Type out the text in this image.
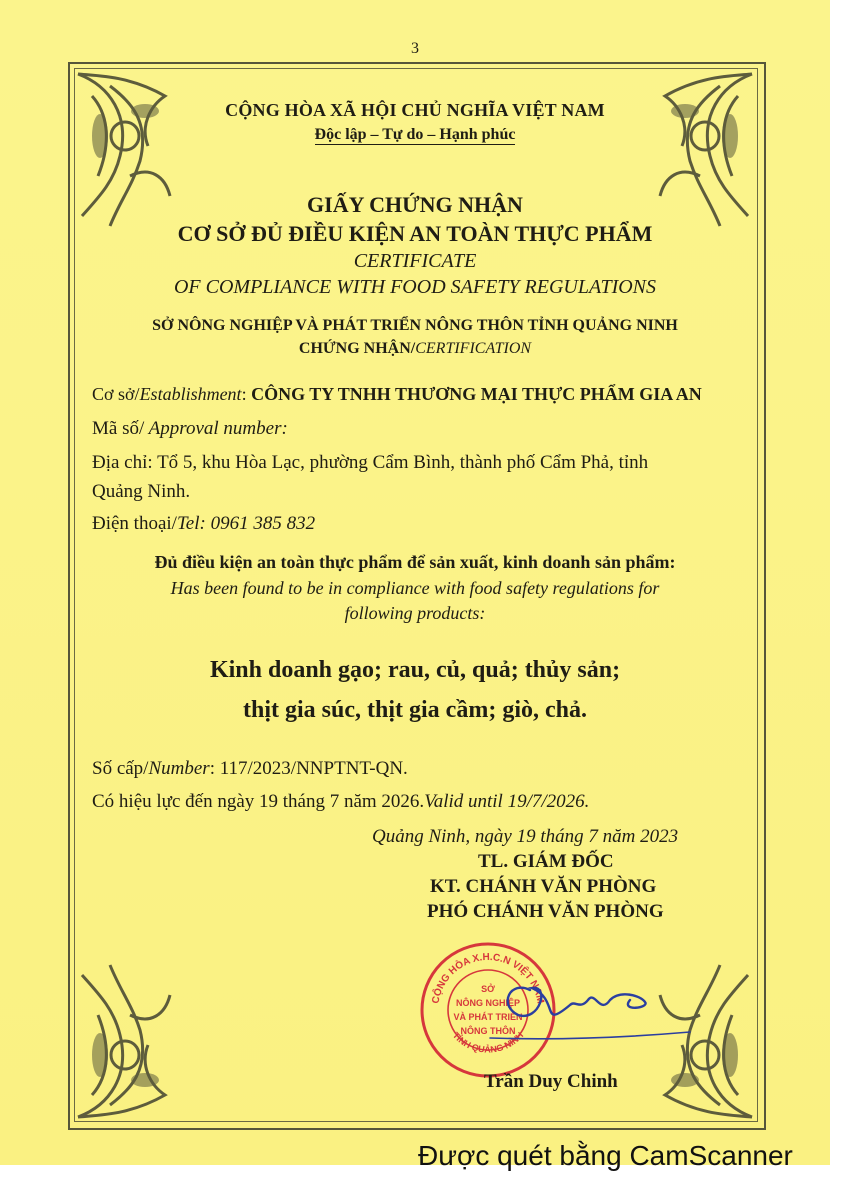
3
CỘNG HÒA XÃ HỘI CHỦ NGHĨA VIỆT NAM
Độc lập – Tự do – Hạnh phúc
GIẤY CHỨNG NHẬN
CƠ SỞ ĐỦ ĐIỀU KIỆN AN TOÀN THỰC PHẨM
CERTIFICATE
OF COMPLIANCE WITH FOOD SAFETY REGULATIONS
SỞ NÔNG NGHIỆP VÀ PHÁT TRIỂN NÔNG THÔN TỈNH QUẢNG NINH
CHỨNG NHẬN/CERTIFICATION
Cơ sở/Establishment: CÔNG TY TNHH THƯƠNG MẠI THỰC PHẨM GIA AN
Mã số/ Approval number:
Địa chỉ: Tổ 5, khu Hòa Lạc, phường Cẩm Bình, thành phố Cẩm Phả, tỉnh
Quảng Ninh.
Điện thoại/Tel: 0961 385 832
Đủ điều kiện an toàn thực phẩm để sản xuất, kinh doanh sản phẩm:
Has been found to be in compliance with food safety regulations for
following products:
Kinh doanh gạo; rau, củ, quả; thủy sản;
thịt gia súc, thịt gia cầm; giò, chả.
Số cấp/Number: 117/2023/NNPTNT-QN.
Có hiệu lực đến ngày 19 tháng 7 năm 2026.Valid until 19/7/2026.
Quảng Ninh, ngày 19 tháng 7 năm 2023
TL. GIÁM ĐỐC
KT. CHÁNH VĂN PHÒNG
PHÓ CHÁNH VĂN PHÒNG
CỘNG HÒA X.H.C.N VIỆT NAM
TỈNH QUẢNG NINH
SỞ
NÔNG NGHIỆP
VÀ PHÁT TRIỂN
NÔNG THÔN
Trần Duy Chinh
Được quét bằng CamScanner
